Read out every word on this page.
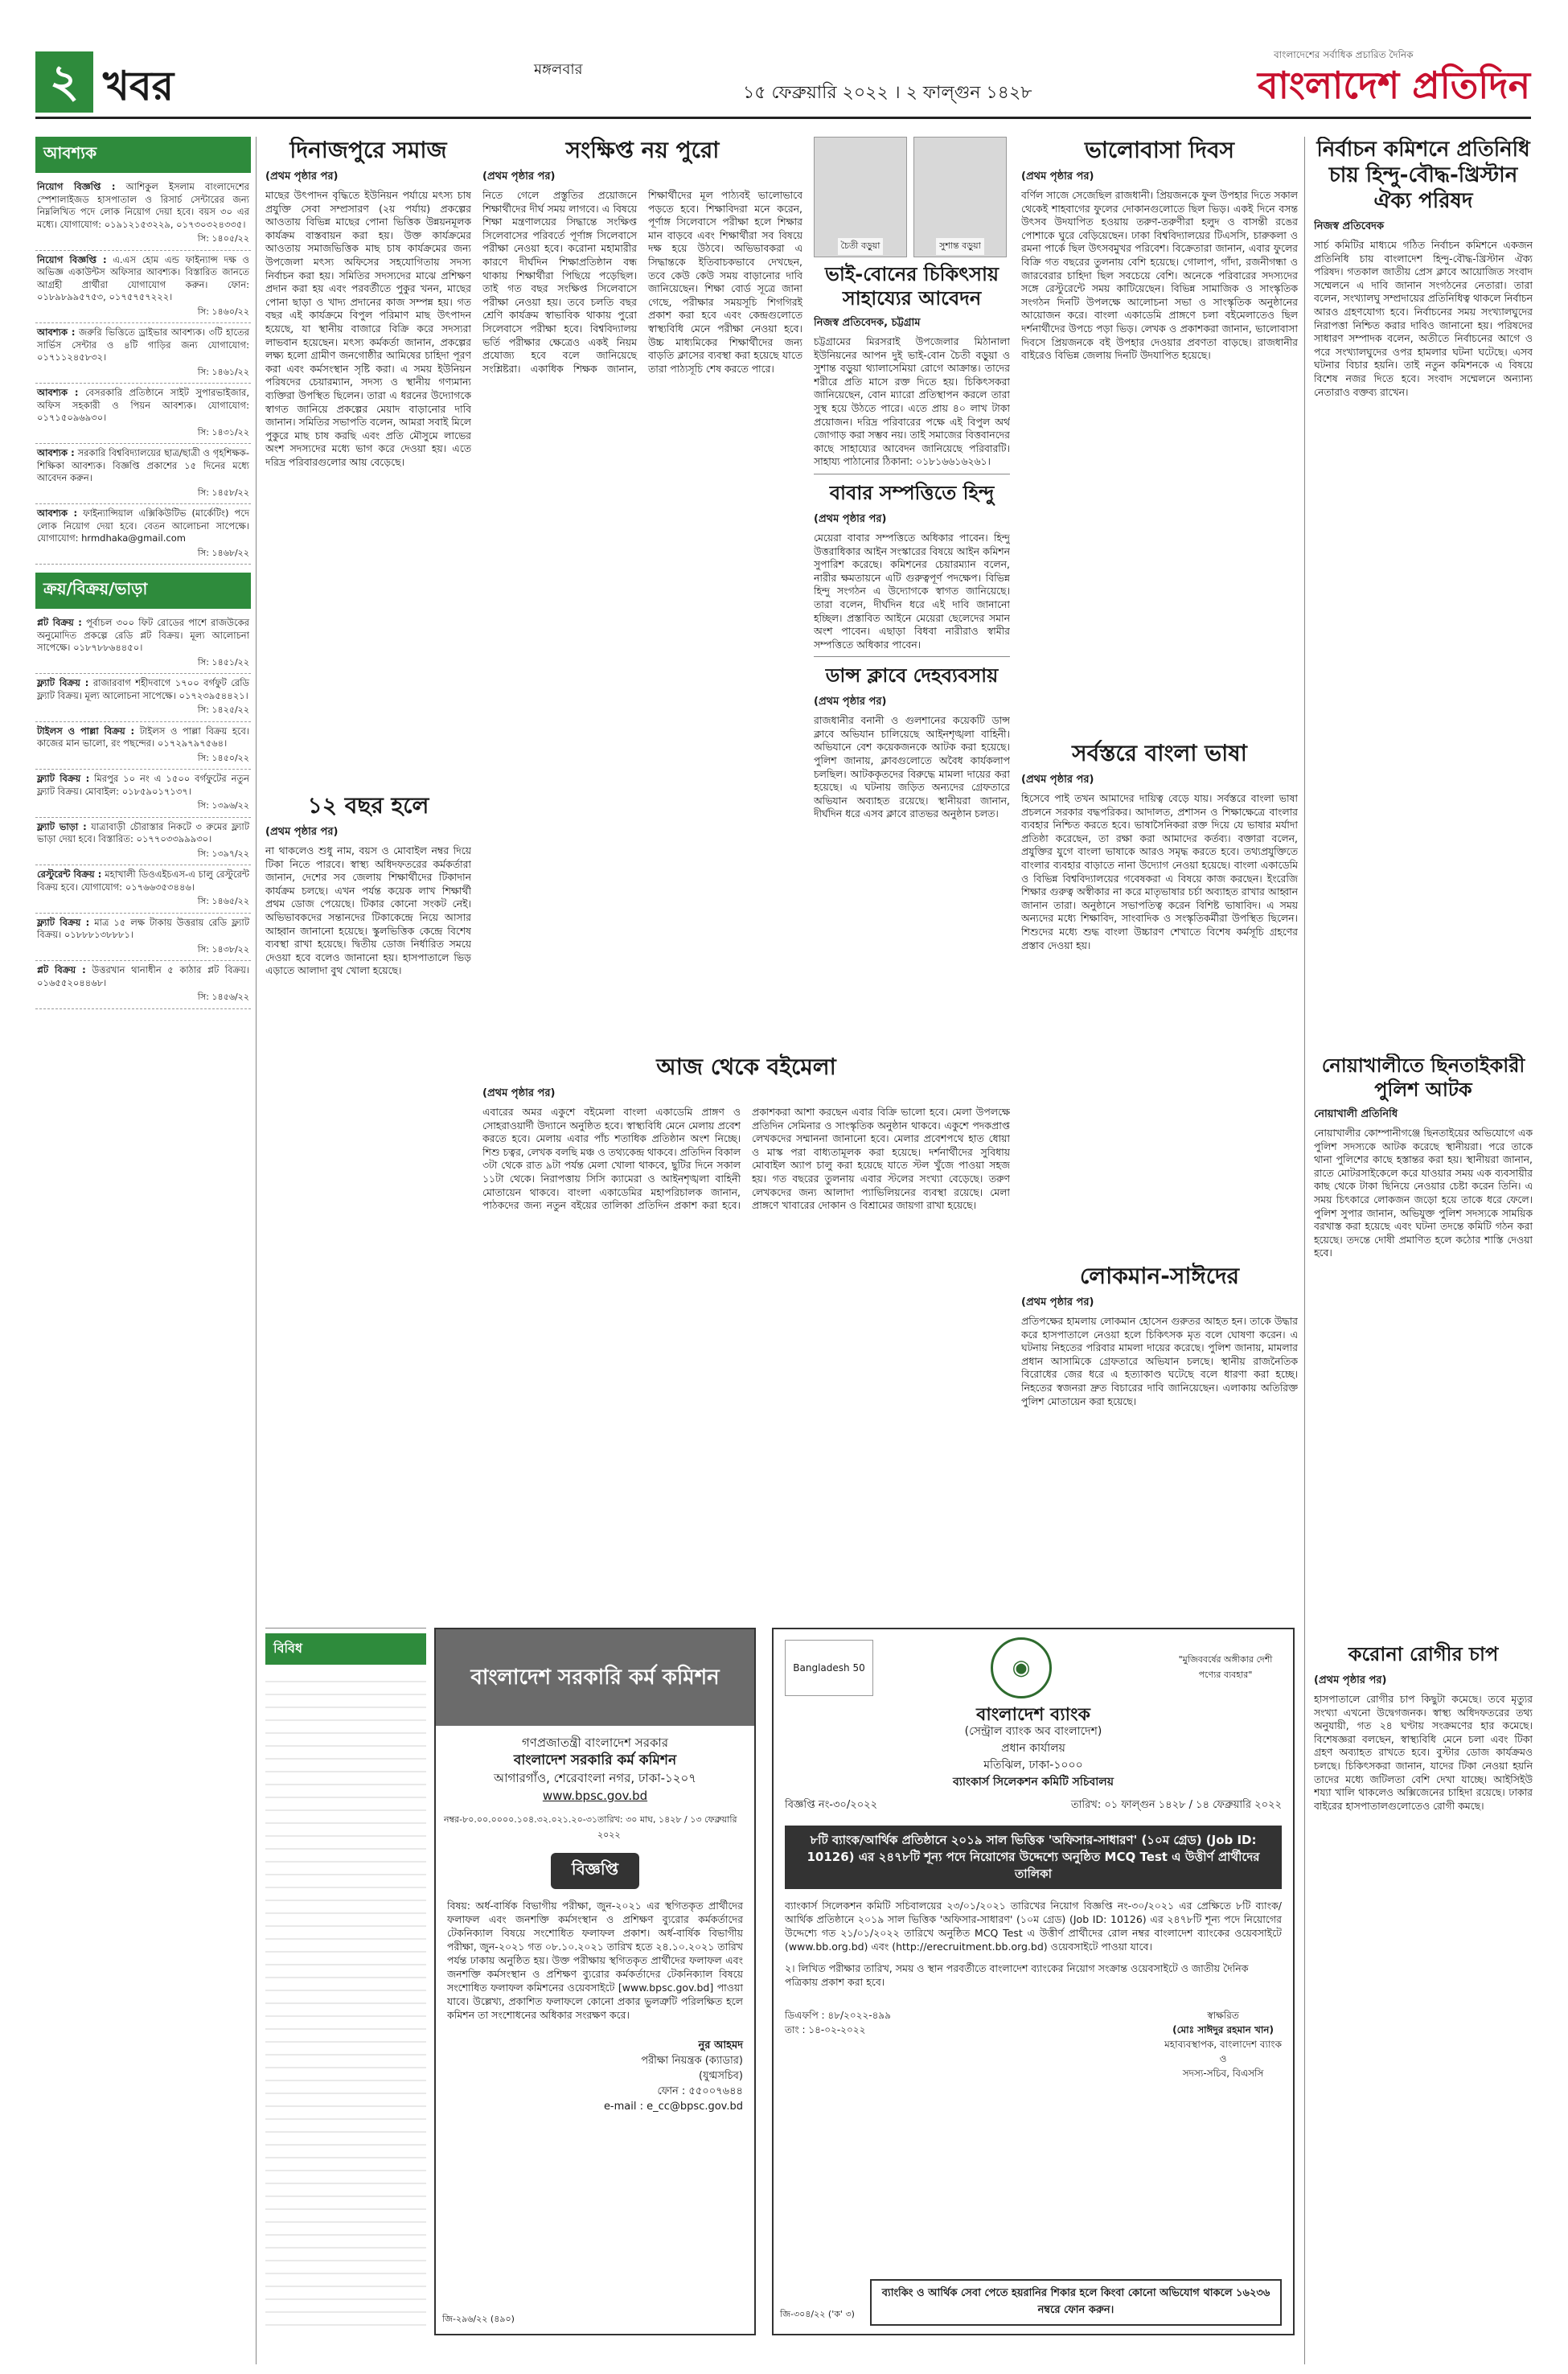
২ খবর	মঙ্গলবার
১৫ ফেব্রুয়ারি ২০২২ । ২ ফাল্গুন ১৪২৮
বাংলাদেশের সর্বাধিক প্রচারিত দৈনিক
বাংলাদেশ প্রতিদিন
আবশ্যক
নিয়োগ বিজ্ঞপ্তি : আশিকুল ইসলাম বাংলাদেশের স্পেশালাইজড হাসপাতাল ও রিসার্চ সেন্টারের জন্য নিম্নলিখিত পদে লোক নিয়োগ দেয়া হবে। বয়স ৩০ এর মধ্যে। যোগাযোগ: ০১৯১২১৫৩২২৯, ০১৭৩০৩২৪৩৩৫।
সি: ১৪০৫/২২
নিয়োগ বিজ্ঞপ্তি : এ.এস হোম এন্ড ফাইন্যান্স দক্ষ ও অভিজ্ঞ একাউন্টস অফিসার আবশ্যক। বিস্তারিত জানতে আগ্রহী প্রার্থীরা যোগাযোগ করুন। ফোন: ০১৮৯৮৯৯৫৭৫৩, ০১৭৫৭৫৭২২২।
সি: ১৪৬০/২২
আবশ্যক : জরুরি ভিত্তিতে ড্রাইভার আবশ্যক। ৩টি হাতের সার্ভিস সেন্টার ও ৪টি গাড়ির জন্য যোগাযোগ: ০১৭১১২৪৫৮৩২।
সি: ১৪৬১/২২
আবশ্যক : বেসরকারি প্রতিষ্ঠানে সাইট সুপারভাইজার, অফিস সহকারী ও পিয়ন আবশ্যক। যোগাযোগ: ০১৭১৫০৯৬৯৩০।
সি: ১৪৩১/২২
আবশ্যক : সরকারি বিশ্ববিদ্যালয়ের ছাত্র/ছাত্রী ও গৃহশিক্ষক-শিক্ষিকা আবশ্যক। বিজ্ঞপ্তি প্রকাশের ১৫ দিনের মধ্যে আবেদন করুন।
সি: ১৪৫৮/২২
আবশ্যক : ফাইন্যান্সিয়াল এক্সিকিউটিভ (মার্কেটিং) পদে লোক নিয়োগ দেয়া হবে। বেতন আলোচনা সাপেক্ষে। যোগাযোগ: hrmdhaka@gmail.com
সি: ১৪৬৮/২২
ক্রয়/বিক্রয়/ভাড়া
প্লট বিক্রয় : পূর্বাচল ৩০০ ফিট রোডের পাশে রাজউকের অনুমোদিত প্রকল্পে রেডি প্লট বিক্রয়। মূল্য আলোচনা সাপেক্ষে। ০১৮৭৮৮৬৪৪৫০।
সি: ১৪৫১/২২
ফ্ল্যাট বিক্রয় : রাজারবাগ শহীদবাগে ১৭০০ বর্গফুট রেডি ফ্ল্যাট বিক্রয়। মূল্য আলোচনা সাপেক্ষে। ০১৭২৩৯৫৪৪২১।
সি: ১৪২৫/২২
টাইলস ও পাল্লা বিক্রয় : টাইলস ও পাল্লা বিক্রয় হবে। কাজের মান ভালো, রং পছন্দের। ০১৭২৯৭৯৭৫৬৪।
সি: ১৪৫০/২২
ফ্ল্যাট বিক্রয় : মিরপুর ১০ নং এ ১৫০০ বর্গফুটের নতুন ফ্ল্যাট বিক্রয়। মোবাইল: ০১৮৫৯০১৭১৩৭।
সি: ১৩৯৬/২২
ফ্ল্যাট ভাড়া : যাত্রাবাড়ী চৌরাস্তার নিকটে ৩ রুমের ফ্ল্যাট ভাড়া দেয়া হবে। বিস্তারিত: ০১৭৭০৩৩৯৯৯৩০।
সি: ১৩৯৭/২২
রেস্টুরেন্ট বিক্রয় : মহাখালী ডিওএইচএস-এ চালু রেস্টুরেন্ট বিক্রয় হবে। যোগাযোগ: ০১৭৬৬৩৫৩৪৪৬।
সি: ১৪৬৫/২২
ফ্ল্যাট বিক্রয় : মাত্র ১৫ লক্ষ টাকায় উত্তরায় রেডি ফ্ল্যাট বিক্রয়। ০১৮৮৮১৩৮৮৮১।
সি: ১৪৩৮/২২
প্লট বিক্রয় : উত্তরখান থানাধীন ৫ কাঠার প্লট বিক্রয়। ০১৬৫৫২০৪৪৬৮।
সি: ১৪৫৬/২২
দিনাজপুরে সমাজ
(প্রথম পৃষ্ঠার পর)
মাছের উৎপাদন বৃদ্ধিতে ইউনিয়ন পর্যায়ে মৎস্য চাষ প্রযুক্তি সেবা সম্প্রসারণ (২য় পর্যায়) প্রকল্পের আওতায় বিভিন্ন মাছের পোনা ভিত্তিক উন্নয়নমূলক কার্যক্রম বাস্তবায়ন করা হয়। উক্ত কার্যক্রমের আওতায় সমাজভিত্তিক মাছ চাষ কার্যক্রমের জন্য উপজেলা মৎস্য অফিসের সহযোগিতায় সদস্য নির্বাচন করা হয়। সমিতির সদস্যদের মাঝে প্রশিক্ষণ প্রদান করা হয় এবং পরবর্তীতে পুকুর খনন, মাছের পোনা ছাড়া ও খাদ্য প্রদানের কাজ সম্পন্ন হয়। গত বছর এই কার্যক্রমে বিপুল পরিমাণ মাছ উৎপাদন হয়েছে, যা স্থানীয় বাজারে বিক্রি করে সদস্যরা লাভবান হয়েছেন। মৎস্য কর্মকর্তা জানান, প্রকল্পের লক্ষ্য হলো গ্রামীণ জনগোষ্ঠীর আমিষের চাহিদা পূরণ করা এবং কর্মসংস্থান সৃষ্টি করা। এ সময় ইউনিয়ন পরিষদের চেয়ারম্যান, সদস্য ও স্থানীয় গণ্যমান্য ব্যক্তিরা উপস্থিত ছিলেন। তারা এ ধরনের উদ্যোগকে স্বাগত জানিয়ে প্রকল্পের মেয়াদ বাড়ানোর দাবি জানান। সমিতির সভাপতি বলেন, আমরা সবাই মিলে পুকুরে মাছ চাষ করছি এবং প্রতি মৌসুমে লাভের অংশ সদস্যদের মধ্যে ভাগ করে দেওয়া হয়। এতে দরিদ্র পরিবারগুলোর আয় বেড়েছে।
সংক্ষিপ্ত নয় পুরো
(প্রথম পৃষ্ঠার পর)
নিতে গেলে প্রস্তুতির প্রয়োজনে শিক্ষার্থীদের দীর্ঘ সময় লাগবে। এ বিষয়ে শিক্ষা মন্ত্রণালয়ের সিদ্ধান্তে সংক্ষিপ্ত সিলেবাসের পরিবর্তে পূর্ণাঙ্গ সিলেবাসে পরীক্ষা নেওয়া হবে। করোনা মহামারীর কারণে দীর্ঘদিন শিক্ষাপ্রতিষ্ঠান বন্ধ থাকায় শিক্ষার্থীরা পিছিয়ে পড়েছিল। তাই গত বছর সংক্ষিপ্ত সিলেবাসে পরীক্ষা নেওয়া হয়। তবে চলতি বছর শ্রেণি কার্যক্রম স্বাভাবিক থাকায় পুরো সিলেবাসে পরীক্ষা হবে। বিশ্ববিদ্যালয় ভর্তি পরীক্ষার ক্ষেত্রেও একই নিয়ম প্রযোজ্য হবে বলে জানিয়েছে সংশ্লিষ্টরা। একাধিক শিক্ষক জানান, শিক্ষার্থীদের মূল পাঠ্যবই ভালোভাবে পড়তে হবে। শিক্ষাবিদরা মনে করেন, পূর্ণাঙ্গ সিলেবাসে পরীক্ষা হলে শিক্ষার মান বাড়বে এবং শিক্ষার্থীরা সব বিষয়ে দক্ষ হয়ে উঠবে। অভিভাবকরা এ সিদ্ধান্তকে ইতিবাচকভাবে দেখছেন, তবে কেউ কেউ সময় বাড়ানোর দাবি জানিয়েছেন। শিক্ষা বোর্ড সূত্রে জানা গেছে, পরীক্ষার সময়সূচি শিগগিরই প্রকাশ করা হবে এবং কেন্দ্রগুলোতে স্বাস্থ্যবিধি মেনে পরীক্ষা নেওয়া হবে। উচ্চ মাধ্যমিকের শিক্ষার্থীদের জন্য বাড়তি ক্লাসের ব্যবস্থা করা হয়েছে যাতে তারা পাঠ্যসূচি শেষ করতে পারে।
চৈতী বড়ুয়া	সুশান্ত বড়ুয়া
ভাই-বোনের চিকিৎসায় সাহায্যের আবেদন
নিজস্ব প্রতিবেদক, চট্টগ্রাম
চট্টগ্রামের মিরসরাই উপজেলার মিঠানালা ইউনিয়নের আপন দুই ভাই-বোন চৈতী বড়ুয়া ও সুশান্ত বড়ুয়া থ্যালাসেমিয়া রোগে আক্রান্ত। তাদের শরীরে প্রতি মাসে রক্ত দিতে হয়। চিকিৎসকরা জানিয়েছেন, বোন ম্যারো প্রতিস্থাপন করলে তারা সুস্থ হয়ে উঠতে পারে। এতে প্রায় ৪০ লাখ টাকা প্রয়োজন। দরিদ্র পরিবারের পক্ষে এই বিপুল অর্থ জোগাড় করা সম্ভব নয়। তাই সমাজের বিত্তবানদের কাছে সাহায্যের আবেদন জানিয়েছে পরিবারটি। সাহায্য পাঠানোর ঠিকানা: ০১৮১৬৬১৬২৬১।
বাবার সম্পত্তিতে হিন্দু
(প্রথম পৃষ্ঠার পর)
মেয়েরা বাবার সম্পত্তিতে অধিকার পাবেন। হিন্দু উত্তরাধিকার আইন সংস্কারের বিষয়ে আইন কমিশন সুপারিশ করেছে। কমিশনের চেয়ারম্যান বলেন, নারীর ক্ষমতায়নে এটি গুরুত্বপূর্ণ পদক্ষেপ। বিভিন্ন হিন্দু সংগঠন এ উদ্যোগকে স্বাগত জানিয়েছে। তারা বলেন, দীর্ঘদিন ধরে এই দাবি জানানো হচ্ছিল। প্রস্তাবিত আইনে মেয়েরা ছেলেদের সমান অংশ পাবেন। এছাড়া বিধবা নারীরাও স্বামীর সম্পত্তিতে অধিকার পাবেন।
ডান্স ক্লাবে দেহব্যবসায়
(প্রথম পৃষ্ঠার পর)
রাজধানীর বনানী ও গুলশানের কয়েকটি ডান্স ক্লাবে অভিযান চালিয়েছে আইনশৃঙ্খলা বাহিনী। অভিযানে বেশ কয়েকজনকে আটক করা হয়েছে। পুলিশ জানায়, ক্লাবগুলোতে অবৈধ কার্যকলাপ চলছিল। আটককৃতদের বিরুদ্ধে মামলা দায়ের করা হয়েছে। এ ঘটনায় জড়িত অন্যদের গ্রেফতারে অভিযান অব্যাহত রয়েছে। স্থানীয়রা জানান, দীর্ঘদিন ধরে এসব ক্লাবে রাতভর অনুষ্ঠান চলত।
ভালোবাসা দিবস
(প্রথম পৃষ্ঠার পর)
বর্ণিল সাজে সেজেছিল রাজধানী। প্রিয়জনকে ফুল উপহার দিতে সকাল থেকেই শাহবাগের ফুলের দোকানগুলোতে ছিল ভিড়। একই দিনে বসন্ত উৎসব উদযাপিত হওয়ায় তরুণ-তরুণীরা হলুদ ও বাসন্তী রঙের পোশাকে ঘুরে বেড়িয়েছেন। ঢাকা বিশ্ববিদ্যালয়ের টিএসসি, চারুকলা ও রমনা পার্কে ছিল উৎসবমুখর পরিবেশ। বিক্রেতারা জানান, এবার ফুলের বিক্রি গত বছরের তুলনায় বেশি হয়েছে। গোলাপ, গাঁদা, রজনীগন্ধা ও জারবেরার চাহিদা ছিল সবচেয়ে বেশি। অনেকে পরিবারের সদস্যদের সঙ্গে রেস্টুরেন্টে সময় কাটিয়েছেন। বিভিন্ন সামাজিক ও সাংস্কৃতিক সংগঠন দিনটি উপলক্ষে আলোচনা সভা ও সাংস্কৃতিক অনুষ্ঠানের আয়োজন করে। বাংলা একাডেমি প্রাঙ্গণে চলা বইমেলাতেও ছিল দর্শনার্থীদের উপচে পড়া ভিড়। লেখক ও প্রকাশকরা জানান, ভালোবাসা দিবসে প্রিয়জনকে বই উপহার দেওয়ার প্রবণতা বাড়ছে। রাজধানীর বাইরেও বিভিন্ন জেলায় দিনটি উদযাপিত হয়েছে।
সর্বস্তরে বাংলা ভাষা
(প্রথম পৃষ্ঠার পর)
হিসেবে পাই তখন আমাদের দায়িত্ব বেড়ে যায়। সর্বস্তরে বাংলা ভাষা প্রচলনে সরকার বদ্ধপরিকর। আদালত, প্রশাসন ও শিক্ষাক্ষেত্রে বাংলার ব্যবহার নিশ্চিত করতে হবে। ভাষাসৈনিকরা রক্ত দিয়ে যে ভাষার মর্যাদা প্রতিষ্ঠা করেছেন, তা রক্ষা করা আমাদের কর্তব্য। বক্তারা বলেন, প্রযুক্তির যুগে বাংলা ভাষাকে আরও সমৃদ্ধ করতে হবে। তথ্যপ্রযুক্তিতে বাংলার ব্যবহার বাড়াতে নানা উদ্যোগ নেওয়া হয়েছে। বাংলা একাডেমি ও বিভিন্ন বিশ্ববিদ্যালয়ের গবেষকরা এ বিষয়ে কাজ করছেন। ইংরেজি শিক্ষার গুরুত্ব অস্বীকার না করে মাতৃভাষার চর্চা অব্যাহত রাখার আহ্বান জানান তারা। অনুষ্ঠানে সভাপতিত্ব করেন বিশিষ্ট ভাষাবিদ। এ সময় অন্যদের মধ্যে শিক্ষাবিদ, সাংবাদিক ও সংস্কৃতিকর্মীরা উপস্থিত ছিলেন। শিশুদের মধ্যে শুদ্ধ বাংলা উচ্চারণ শেখাতে বিশেষ কর্মসূচি গ্রহণের প্রস্তাব দেওয়া হয়।
লোকমান-সাঈদের
(প্রথম পৃষ্ঠার পর)
প্রতিপক্ষের হামলায় লোকমান হোসেন গুরুতর আহত হন। তাকে উদ্ধার করে হাসপাতালে নেওয়া হলে চিকিৎসক মৃত বলে ঘোষণা করেন। এ ঘটনায় নিহতের পরিবার মামলা দায়ের করেছে। পুলিশ জানায়, মামলার প্রধান আসামিকে গ্রেফতারে অভিযান চলছে। স্থানীয় রাজনৈতিক বিরোধের জের ধরে এ হত্যাকাণ্ড ঘটেছে বলে ধারণা করা হচ্ছে। নিহতের স্বজনরা দ্রুত বিচারের দাবি জানিয়েছেন। এলাকায় অতিরিক্ত পুলিশ মোতায়েন করা হয়েছে।
১২ বছর হলে
(প্রথম পৃষ্ঠার পর)
না থাকলেও শুধু নাম, বয়স ও মোবাইল নম্বর দিয়ে টিকা নিতে পারবে। স্বাস্থ্য অধিদফতরের কর্মকর্তারা জানান, দেশের সব জেলায় শিক্ষার্থীদের টিকাদান কার্যক্রম চলছে। এখন পর্যন্ত কয়েক লাখ শিক্ষার্থী প্রথম ডোজ পেয়েছে। টিকার কোনো সংকট নেই। অভিভাবকদের সন্তানদের টিকাকেন্দ্রে নিয়ে আসার আহ্বান জানানো হয়েছে। স্কুলভিত্তিক কেন্দ্রে বিশেষ ব্যবস্থা রাখা হয়েছে। দ্বিতীয় ডোজ নির্ধারিত সময়ে দেওয়া হবে বলেও জানানো হয়। হাসপাতালে ভিড় এড়াতে আলাদা বুথ খোলা হয়েছে।
আজ থেকে বইমেলা
(প্রথম পৃষ্ঠার পর)
এবারের অমর একুশে বইমেলা বাংলা একাডেমি প্রাঙ্গণ ও সোহরাওয়ার্দী উদ্যানে অনুষ্ঠিত হবে। স্বাস্থ্যবিধি মেনে মেলায় প্রবেশ করতে হবে। মেলায় এবার পাঁচ শতাধিক প্রতিষ্ঠান অংশ নিচ্ছে। শিশু চত্বর, লেখক বলছি মঞ্চ ও তথ্যকেন্দ্র থাকবে। প্রতিদিন বিকাল ৩টা থেকে রাত ৯টা পর্যন্ত মেলা খোলা থাকবে, ছুটির দিনে সকাল ১১টা থেকে। নিরাপত্তায় সিসি ক্যামেরা ও আইনশৃঙ্খলা বাহিনী মোতায়েন থাকবে। বাংলা একাডেমির মহাপরিচালক জানান, পাঠকদের জন্য নতুন বইয়ের তালিকা প্রতিদিন প্রকাশ করা হবে। প্রকাশকরা আশা করছেন এবার বিক্রি ভালো হবে। মেলা উপলক্ষে প্রতিদিন সেমিনার ও সাংস্কৃতিক অনুষ্ঠান থাকবে। একুশে পদকপ্রাপ্ত লেখকদের সম্মাননা জানানো হবে। মেলার প্রবেশপথে হাত ধোয়া ও মাস্ক পরা বাধ্যতামূলক করা হয়েছে। দর্শনার্থীদের সুবিধায় মোবাইল অ্যাপ চালু করা হয়েছে যাতে স্টল খুঁজে পাওয়া সহজ হয়। গত বছরের তুলনায় এবার স্টলের সংখ্যা বেড়েছে। তরুণ লেখকদের জন্য আলাদা প্যাভিলিয়নের ব্যবস্থা রয়েছে। মেলা প্রাঙ্গণে খাবারের দোকান ও বিশ্রামের জায়গা রাখা হয়েছে।
নির্বাচন কমিশনে প্রতিনিধি চায় হিন্দু-বৌদ্ধ-খ্রিস্টান ঐক্য পরিষদ
নিজস্ব প্রতিবেদক
সার্চ কমিটির মাধ্যমে গঠিত নির্বাচন কমিশনে একজন প্রতিনিধি চায় বাংলাদেশ হিন্দু-বৌদ্ধ-খ্রিস্টান ঐক্য পরিষদ। গতকাল জাতীয় প্রেস ক্লাবে আয়োজিত সংবাদ সম্মেলনে এ দাবি জানান সংগঠনের নেতারা। তারা বলেন, সংখ্যালঘু সম্প্রদায়ের প্রতিনিধিত্ব থাকলে নির্বাচন আরও গ্রহণযোগ্য হবে। নির্বাচনের সময় সংখ্যালঘুদের নিরাপত্তা নিশ্চিত করার দাবিও জানানো হয়। পরিষদের সাধারণ সম্পাদক বলেন, অতীতে নির্বাচনের আগে ও পরে সংখ্যালঘুদের ওপর হামলার ঘটনা ঘটেছে। এসব ঘটনার বিচার হয়নি। তাই নতুন কমিশনকে এ বিষয়ে বিশেষ নজর দিতে হবে। সংবাদ সম্মেলনে অন্যান্য নেতারাও বক্তব্য রাখেন।
নোয়াখালীতে ছিনতাইকারী পুলিশ আটক
নোয়াখালী প্রতিনিধি
নোয়াখালীর কোম্পানীগঞ্জে ছিনতাইয়ের অভিযোগে এক পুলিশ সদস্যকে আটক করেছে স্থানীয়রা। পরে তাকে থানা পুলিশের কাছে হস্তান্তর করা হয়। স্থানীয়রা জানান, রাতে মোটরসাইকেলে করে যাওয়ার সময় এক ব্যবসায়ীর কাছ থেকে টাকা ছিনিয়ে নেওয়ার চেষ্টা করেন তিনি। এ সময় চিৎকারে লোকজন জড়ো হয়ে তাকে ধরে ফেলে। পুলিশ সুপার জানান, অভিযুক্ত পুলিশ সদস্যকে সাময়িক বরখাস্ত করা হয়েছে এবং ঘটনা তদন্তে কমিটি গঠন করা হয়েছে। তদন্তে দোষী প্রমাণিত হলে কঠোর শাস্তি দেওয়া হবে।
করোনা রোগীর চাপ
(প্রথম পৃষ্ঠার পর)
হাসপাতালে রোগীর চাপ কিছুটা কমেছে। তবে মৃত্যুর সংখ্যা এখনো উদ্বেগজনক। স্বাস্থ্য অধিদফতরের তথ্য অনুযায়ী, গত ২৪ ঘণ্টায় সংক্রমণের হার কমেছে। বিশেষজ্ঞরা বলছেন, স্বাস্থ্যবিধি মেনে চলা এবং টিকা গ্রহণ অব্যাহত রাখতে হবে। বুস্টার ডোজ কার্যক্রমও চলছে। চিকিৎসকরা জানান, যাদের টিকা নেওয়া হয়নি তাদের মধ্যে জটিলতা বেশি দেখা যাচ্ছে। আইসিইউ শয্যা খালি থাকলেও অক্সিজেনের চাহিদা রয়েছে। ঢাকার বাইরের হাসপাতালগুলোতেও রোগী কমছে।
বাংলাদেশ সরকারি কর্ম কমিশন
গণপ্রজাতন্ত্রী বাংলাদেশ সরকার
বাংলাদেশ সরকারি কর্ম কমিশন
আগারগাঁও, শেরেবাংলা নগর, ঢাকা-১২০৭
www.bpsc.gov.bd
নম্বর-৮০.০০.০০০০.১০৪.৩২.০২১.২০-৩১ তারিখ: ৩০ মাঘ, ১৪২৮ / ১৩ ফেব্রুয়ারি ২০২২
বিজ্ঞপ্তি
বিষয়: অর্ধ-বার্ষিক বিভাগীয় পরীক্ষা, জুন-২০২১ এর স্থগিতকৃত প্রার্থীদের ফলাফল এবং জনশক্তি কর্মসংস্থান ও প্রশিক্ষণ ব্যুরোর কর্মকর্তাদের টেকনিক্যাল বিষয়ে সংশোধিত ফলাফল প্রকাশ। অর্ধ-বার্ষিক বিভাগীয় পরীক্ষা, জুন-২০২১ গত ০৮.১০.২০২১ তারিখ হতে ২৪.১০.২০২১ তারিখ পর্যন্ত ঢাকায় অনুষ্ঠিত হয়। উক্ত পরীক্ষায় স্থগিতকৃত প্রার্থীদের ফলাফল এবং জনশক্তি কর্মসংস্থান ও প্রশিক্ষণ ব্যুরোর কর্মকর্তাদের টেকনিক্যাল বিষয়ে সংশোধিত ফলাফল কমিশনের ওয়েবসাইটে [www.bpsc.gov.bd] পাওয়া যাবে। উল্লেখ্য, প্রকাশিত ফলাফলে কোনো প্রকার ভুলত্রুটি পরিলক্ষিত হলে কমিশন তা সংশোধনের অধিকার সংরক্ষণ করে।
নুর আহমদ
পরীক্ষা নিয়ন্ত্রক (ক্যাডার)
(যুগ্মসচিব)
ফোন : ৫৫০০৭৬৪৪
e-mail : e_cc@bpsc.gov.bd
জি-২৯৬/২২ (৪৯০)
Bangladesh 50	◉	"মুজিববর্ষের অঙ্গীকার দেশী পণ্যের ব্যবহার"
বাংলাদেশ ব্যাংক
(সেন্ট্রাল ব্যাংক অব বাংলাদেশ)
প্রধান কার্যালয়
মতিঝিল, ঢাকা-১০০০
ব্যাংকার্স সিলেকশন কমিটি সচিবালয়
বিজ্ঞপ্তি নং-৩০/২০২২	তারিখ: ০১ ফাল্গুন ১৪২৮ / ১৪ ফেব্রুয়ারি ২০২২
৮টি ব্যাংক/আর্থিক প্রতিষ্ঠানে ২০১৯ সাল ভিত্তিক 'অফিসার-সাধারণ' (১০ম গ্রেড) (Job ID: 10126) এর ২৪৭৮টি শূন্য পদে নিয়োগের উদ্দেশ্যে অনুষ্ঠিত MCQ Test এ উত্তীর্ণ প্রার্থীদের তালিকা
ব্যাংকার্স সিলেকশন কমিটি সচিবালয়ের ২৩/০১/২০২১ তারিখের নিয়োগ বিজ্ঞপ্তি নং-৩০/২০২১ এর প্রেক্ষিতে ৮টি ব্যাংক/আর্থিক প্রতিষ্ঠানে ২০১৯ সাল ভিত্তিক 'অফিসার-সাধারণ' (১০ম গ্রেড) (Job ID: 10126) এর ২৪৭৮টি শূন্য পদে নিয়োগের উদ্দেশ্যে গত ২১/০১/২০২২ তারিখে অনুষ্ঠিত MCQ Test এ উত্তীর্ণ প্রার্থীদের রোল নম্বর বাংলাদেশ ব্যাংকের ওয়েবসাইটে (www.bb.org.bd) এবং (http://erecruitment.bb.org.bd) ওয়েবসাইটে পাওয়া যাবে।
২। লিখিত পরীক্ষার তারিখ, সময় ও স্থান পরবর্তীতে বাংলাদেশ ব্যাংকের নিয়োগ সংক্রান্ত ওয়েবসাইটে ও জাতীয় দৈনিক পত্রিকায় প্রকাশ করা হবে।
ডিএফপি : ৪৮/২০২২-৪৯৯
তাং : ১৪-০২-২০২২
স্বাক্ষরিত
(মোঃ সাঈদুর রহমান খান)
মহাব্যবস্থাপক, বাংলাদেশ ব্যাংক
ও
সদস্য-সচিব, বিএসসি
ব্যাংকিং ও আর্থিক সেবা পেতে হয়রানির শিকার হলে কিংবা কোনো অভিযোগ থাকলে ১৬২৩৬ নম্বরে ফোন করুন।
জি-৩০৪/২২ ('ক' ৩)
বিবিধ
